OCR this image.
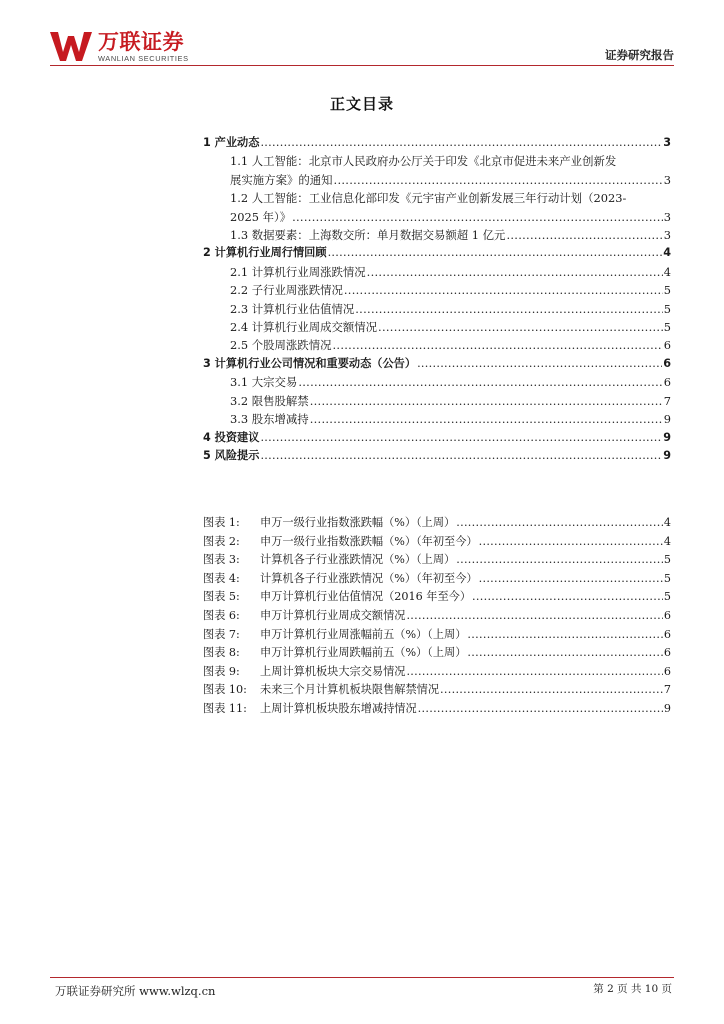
万联证券
WANLIAN SECURITIES	证券研究报告
正文目录
1 产业动态 .....	3
1.1 人工智能：北京市人民政府办公厅关于印发《北京市促进未来产业创新发
展实施方案》的通知 .....	3
1.2 人工智能：工业信息化部印发《元宇宙产业创新发展三年行动计划（2023-
2025 年）》 .....	3
1.3 数据要素：上海数交所：单月数据交易额超 1 亿元 .....	3
2 计算机行业周行情回顾 .....	4
2.1 计算机行业周涨跌情况 .....	4
2.2 子行业周涨跌情况 .....	5
2.3 计算机行业估值情况 .....	5
2.4 计算机行业周成交额情况 .....	5
2.5 个股周涨跌情况 .....	6
3 计算机行业公司情况和重要动态（公告） .....	6
3.1 大宗交易 .....	6
3.2 限售股解禁 .....	7
3.3 股东增减持 .....	9
4 投资建议 .....	9
5 风险提示 .....	9
图表 1:	申万一级行业指数涨跌幅（%）（上周） .....	4
图表 2:	申万一级行业指数涨跌幅（%）（年初至今） .....	4
图表 3:	计算机各子行业涨跌情况（%）（上周） .....	5
图表 4:	计算机各子行业涨跌情况（%）（年初至今） .....	5
图表 5:	申万计算机行业估值情况（2016 年至今） .....	5
图表 6:	申万计算机行业周成交额情况 .....	6
图表 7:	申万计算机行业周涨幅前五（%）（上周） .....	6
图表 8:	申万计算机行业周跌幅前五（%）（上周） .....	6
图表 9:	上周计算机板块大宗交易情况 .....	6
图表 10:	未来三个月计算机板块限售解禁情况 .....	7
图表 11:	上周计算机板块股东增减持情况 .....	9
万联证券研究所 www.wlzq.cn	第 2 页 共 10 页
